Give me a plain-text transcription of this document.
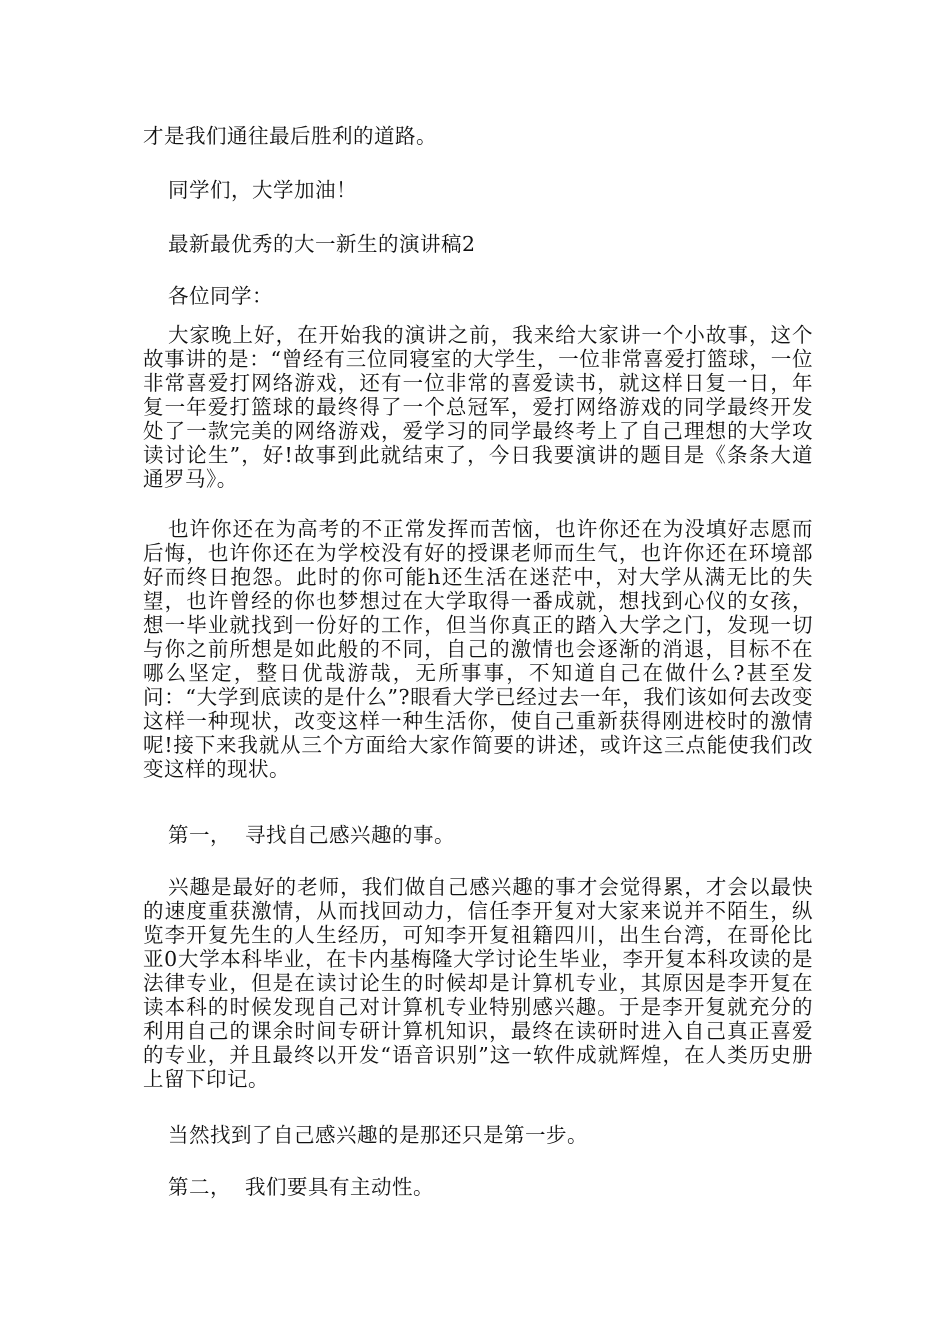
才是我们通往最后胜利的道路。

同学们，大学加油！

最新最优秀的大一新生的演讲稿2

各位同学：

大家晚上好，在开始我的演讲之前，我来给大家讲一个小故事，这个故事讲的是：“曾经有三位同寝室的大学生，一位非常喜爱打篮球，一位非常喜爱打网络游戏，还有一位非常的喜爱读书，就这样日复一日，年复一年爱打篮球的最终得了一个总冠军，爱打网络游戏的同学最终开发处了一款完美的网络游戏，爱学习的同学最终考上了自己理想的大学攻读讨论生”，好!故事到此就结束了，今日我要演讲的题目是《条条大道通罗马》。

也许你还在为高考的不正常发挥而苦恼，也许你还在为没填好志愿而后悔，也许你还在为学校没有好的授课老师而生气，也许你还在环境部好而终日抱怨。此时的你可能h还生活在迷茫中，对大学从满无比的失望，也许曾经的你也梦想过在大学取得一番成就，想找到心仪的女孩，想一毕业就找到一份好的工作，但当你真正的踏入大学之门，发现一切与你之前所想是如此般的不同，自己的激情也会逐渐的消退，目标不在哪么坚定，整日优哉游哉，无所事事，不知道自己在做什么?甚至发问：“大学到底读的是什么”?眼看大学已经过去一年，我们该如何去改变这样一种现状，改变这样一种生活你，使自己重新获得刚进校时的激情呢!接下来我就从三个方面给大家作简要的讲述，或许这三点能使我们改变这样的现状。

第一，  寻找自己感兴趣的事。

兴趣是最好的老师，我们做自己感兴趣的事才会觉得累，才会以最快的速度重获激情，从而找回动力，信任李开复对大家来说并不陌生，纵览李开复先生的人生经历，可知李开复祖籍四川，出生台湾，在哥伦比亚0大学本科毕业，在卡内基梅隆大学讨论生毕业，李开复本科攻读的是法律专业，但是在读讨论生的时候却是计算机专业，其原因是李开复在读本科的时候发现自己对计算机专业特别感兴趣。于是李开复就充分的利用自己的课余时间专研计算机知识，最终在读研时进入自己真正喜爱的专业，并且最终以开发“语音识别”这一软件成就辉煌，在人类历史册上留下印记。

当然找到了自己感兴趣的是那还只是第一步。

第二，  我们要具有主动性。
